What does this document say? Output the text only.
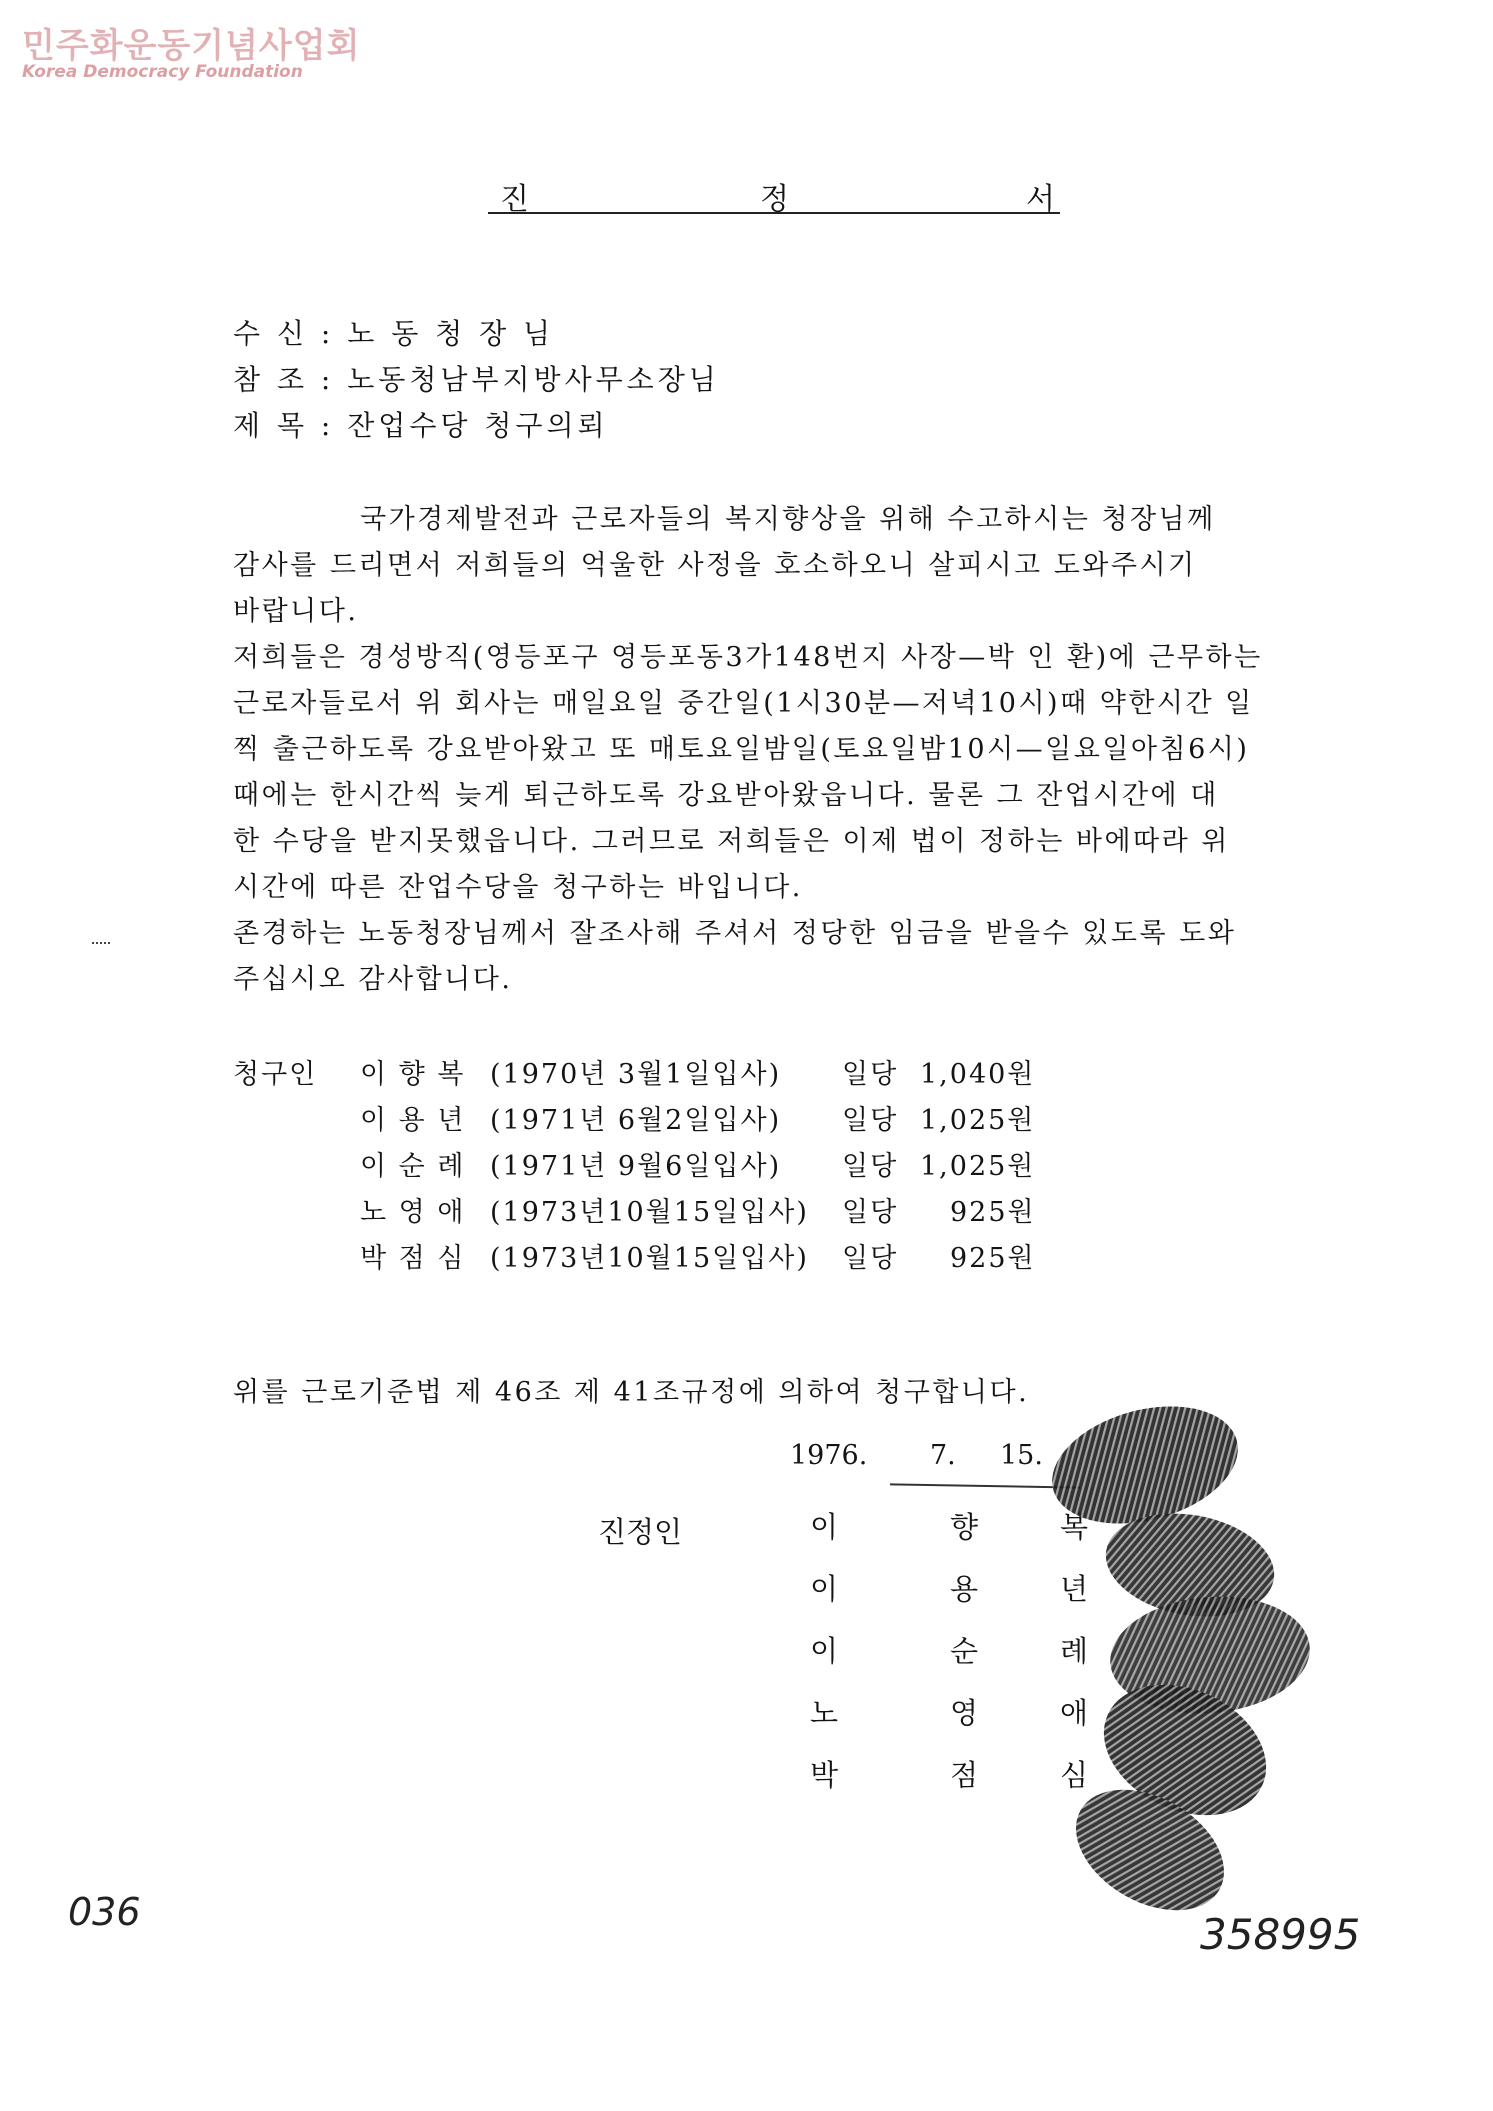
민주화운동기념사업회
Korea Democracy Foundation
진	정	서
수 신 : 노 동 청 장 님
참 조 : 노동청남부지방사무소장님
제 목 : 잔업수당 청구의뢰
국가경제발전과 근로자들의 복지향상을 위해 수고하시는 청장님께
감사를 드리면서 저희들의 억울한 사정을 호소하오니 살피시고 도와주시기
바랍니다.
저희들은 경성방직(영등포구 영등포동3가148번지 사장—박 인 환)에 근무하는
근로자들로서 위 회사는 매일요일 중간일(1시30분—저녁10시)때 약한시간 일
찍 출근하도록 강요받아왔고 또 매토요일밤일(토요일밤10시—일요일아침6시)
때에는 한시간씩 늦게 퇴근하도록 강요받아왔읍니다. 물론 그 잔업시간에 대
한 수당을 받지못했읍니다. 그러므로 저희들은 이제 법이 정하는 바에따라 위
시간에 따른 잔업수당을 청구하는 바입니다.
존경하는 노동청장님께서 잘조사해 주셔서 정당한 임금을 받을수 있도록 도와
주십시오 감사합니다.
청구인 이 향 복 (1970년 3월1일입사) 일당 1,040원
이 용 년 (1971년 6월2일입사) 일당 1,025원
이 순 례 (1971년 9월6일입사) 일당 1,025원
노 영 애 (1973년10월15일입사) 일당 925원
박 점 심 (1973년10월15일입사) 일당 925원
위를 근로기준법 제 46조 제 41조규정에 의하여 청구합니다.
1976. 7. 15.
진정인	이	향	복
이	용	년
이	순	례
노	영	애
박	점	심
036	358995
